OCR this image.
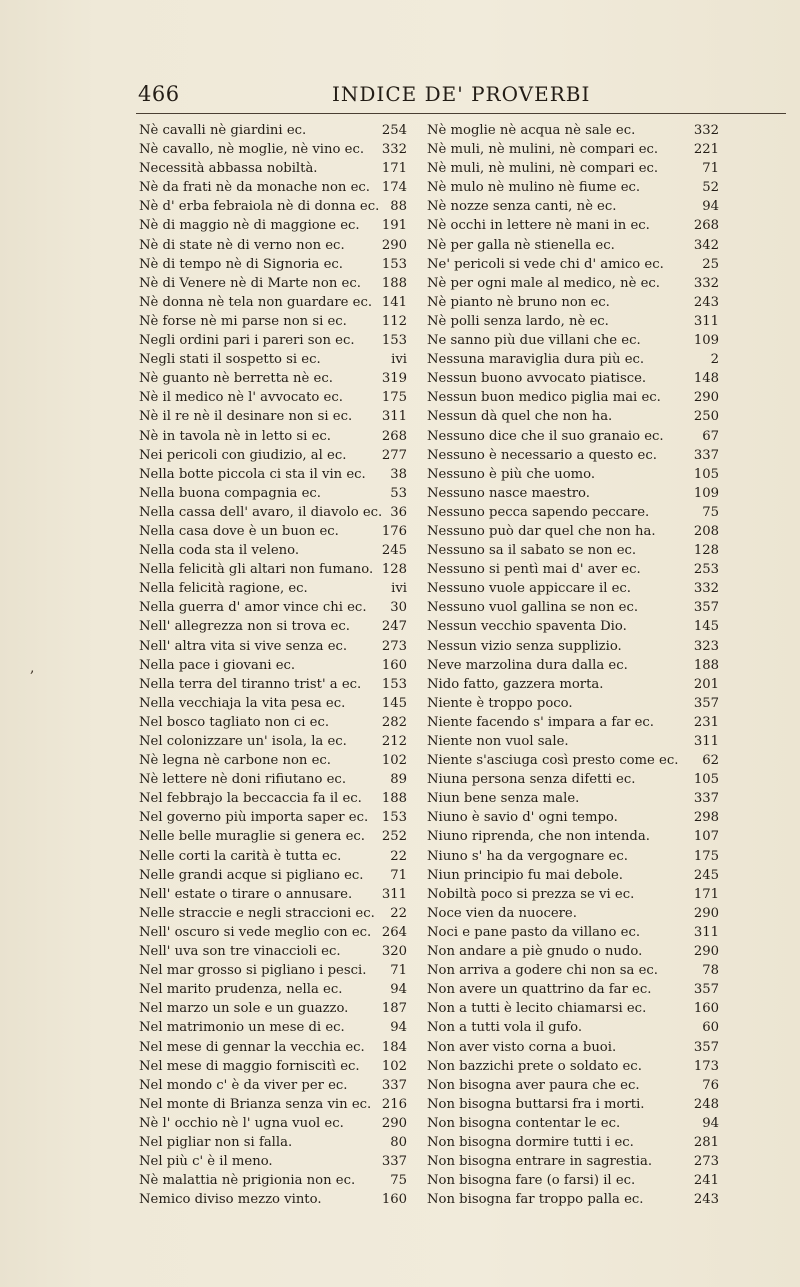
466	INDICE DE' PROVERBI
Nè cavalli nè giardini ec.	254
Nè cavallo, nè moglie, nè vino ec. 332
Necessità abbassa nobiltà.	171
Nè da frati nè da monache non ec. 174
Nè d' erba febraiola nè di donna ec. 88
Nè di maggio nè di maggione ec. 191
Nè di state nè di verno non ec.	290
Nè di tempo nè di Signoria ec.	153
Nè di Venere nè di Marte non ec. 188
Nè donna nè tela non guardare ec. 141
Nè forse nè mi parse non si ec.	112
Negli ordini pari i pareri son ec. 153
Negli stati il sospetto si ec.	ivi
Nè guanto nè berretta nè ec.	319
Nè il medico nè l' avvocato ec.	175
Nè il re nè il desinare non si ec. 311
Nè in tavola nè in letto si ec.	268
Nei pericoli con giudizio, al ec.	277
Nella botte piccola ci sta il vin ec. 38
Nella buona compagnia ec.	53
Nella cassa dell' avaro, il diavolo ec. 36
Nella casa dove è un buon ec.	176
Nella coda sta il veleno.	245
Nella felicità gli altari non fumano. 128
Nella felicità ragione, ec.	ivi
Nella guerra d' amor vince chi ec. 30
Nell' allegrezza non si trova ec. 247
Nell' altra vita si vive senza ec.	273
Nella pace i giovani ec.	160
Nella terra del tiranno trist' a ec. 153
Nella vecchiaja la vita pesa ec.	145
Nel bosco tagliato non ci ec.	282
Nel colonizzare un' isola, la ec.	212
Nè legna nè carbone non ec.	102
Nè lettere nè doni rifiutano ec.	89
Nel febbrajo la beccaccia fa il ec. 188
Nel governo più importa saper ec. 153
Nelle belle muraglie si genera ec. 252
Nelle corti la carità è tutta ec.	22
Nelle grandi acque si pigliano ec. 71
Nell' estate o tirare o annusare. 311
Nelle straccie e negli straccioni ec. 22
Nell' oscuro si vede meglio con ec. 264
Nell' uva son tre vinaccioli ec.	320
Nel mar grosso si pigliano i pesci. 71
Nel marito prudenza, nella ec.	94
Nel marzo un sole e un guazzo.	187
Nel matrimonio un mese di ec.	94
Nel mese di gennar la vecchia ec. 184
Nel mese di maggio forniscitì ec. 102
Nel mondo c' è da viver per ec.	337
Nel monte di Brianza senza vin ec. 216
Nè l' occhio nè l' ugna vuol ec.	290
Nel pigliar non si falla.	80
Nel più c' è il meno.	337
Nè malattia nè prigionia non ec.	75
Nemico diviso mezzo vinto.	160
Nè moglie nè acqua nè sale ec.	332
Nè muli, nè mulini, nè compari ec.	221
Nè muli, nè mulini, nè compari ec.	71
Nè mulo nè mulino nè fiume ec.	52
Nè nozze senza canti, nè ec.	94
Nè occhi in lettere nè mani in ec.	268
Nè per galla nè stienella ec.	342
Ne' pericoli si vede chi d' amico ec.	25
Nè per ogni male al medico, nè ec.	332
Nè pianto nè bruno non ec.	243
Nè polli senza lardo, nè ec.	311
Ne sanno più due villani che ec.	109
Nessuna maraviglia dura più ec.	2
Nessun buono avvocato piatisce.	148
Nessun buon medico piglia mai ec. 290
Nessun dà quel che non ha.	250
Nessuno dice che il suo granaio ec.	67
Nessuno è necessario a questo ec.	337
Nessuno è più che uomo.	105
Nessuno nasce maestro.	109
Nessuno pecca sapendo peccare.	75
Nessuno può dar quel che non ha.	208
Nessuno sa il sabato se non ec.	128
Nessuno si pentì mai d' aver ec.	253
Nessuno vuole appiccare il ec.	332
Nessuno vuol gallina se non ec.	357
Nessun vecchio spaventa Dio.	145
Nessun vizio senza supplizio.	323
Neve marzolina dura dalla ec.	188
Nido fatto, gazzera morta.	201
Niente è troppo poco.	357
Niente facendo s' impara a far ec.	231
Niente non vuol sale.	311
Niente s'asciuga così presto come ec. 62
Niuna persona senza difetti ec.	105
Niun bene senza male.	337
Niuno è savio d' ogni tempo.	298
Niuno riprenda, che non intenda.	107
Niuno s' ha da vergognare ec.	175
Niun principio fu mai debole.	245
Nobiltà poco si prezza se vi ec.	171
Noce vien da nuocere.	290
Noci e pane pasto da villano ec.	311
Non andare a piè gnudo o nudo.	290
Non arriva a godere chi non sa ec.	78
Non avere un quattrino da far ec.	357
Non a tutti è lecito chiamarsi ec.	160
Non a tutti vola il gufo.	60
Non aver visto corna a buoi.	357
Non bazzichi prete o soldato ec.	173
Non bisogna aver paura che ec.	76
Non bisogna buttarsi fra i morti.	248
Non bisogna contentar le ec.	94
Non bisogna dormire tutti i ec.	281
Non bisogna entrare in sagrestia.	273
Non bisogna fare (o farsi) il ec.	241
Non bisogna far troppo palla ec.	243
,
